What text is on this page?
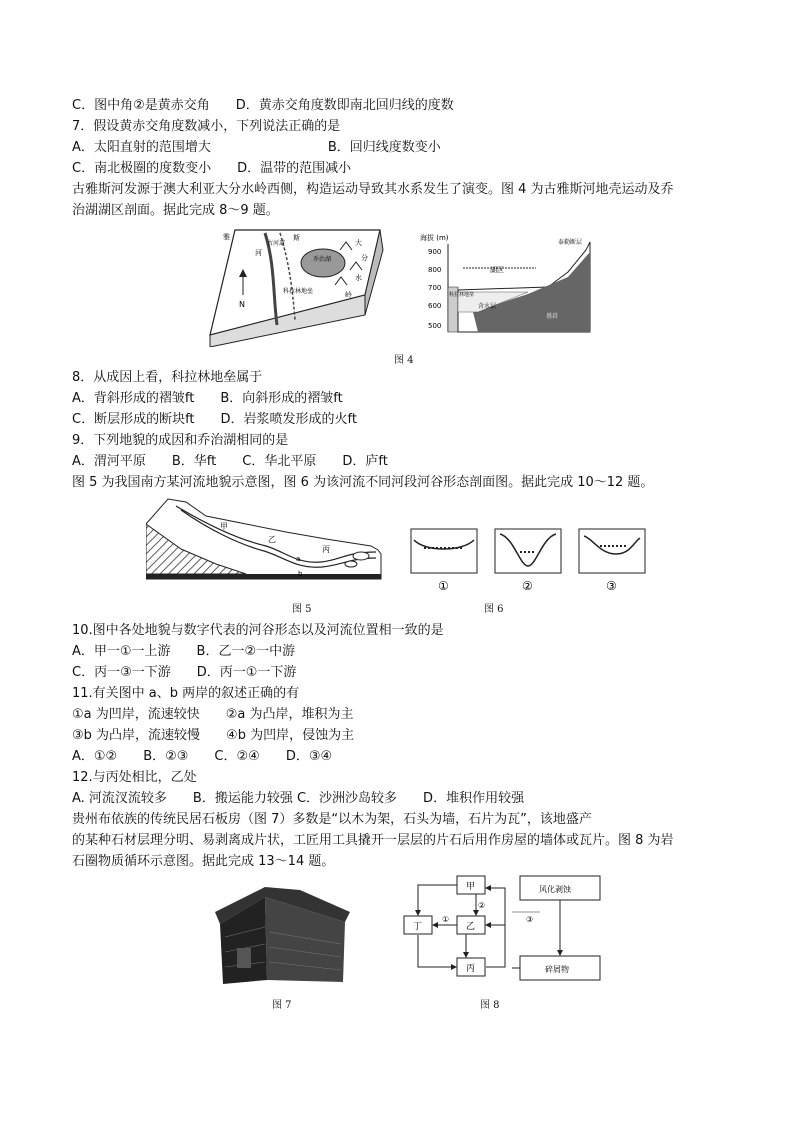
C．图中角②是黄赤交角　　D．黄赤交角度数即南北回归线的度数
7．假设黄赤交角度数减小，下列说法正确的是
A．太阳直射的范围增大　　　　　　　　　B．回归线度数变小
C．南北极圈的度数变小　　D．温带的范围减小
古雅斯河发源于澳大利亚大分水岭西侧，构造运动导致其水系发生了演变。图 4 为古雅斯河地壳运动及乔
治湖湖区剖面。据此完成 8～9 题。
雅
河
古河道
乔治湖
斯
大
分
水
岭
科拉林地垒
N
海拔 (m)
900
800
700
600
500
湖区
泰勒断层
科拉林地垒
含水层
基岩
图 4
8．从成因上看，科拉林地垒属于
A．背斜形成的褶皱ft　　B．向斜形成的褶皱ft
C．断层形成的断块ft　　D．岩浆喷发形成的火ft
9．下列地貌的成因和乔治湖相同的是
A．渭河平原　　B．华ft　　C．华北平原　　D．庐ft
图 5 为我国南方某河流地貌示意图，图 6 为该河流不同河段河谷形态剖面图。据此完成 10～12 题。
甲
乙
a
b
丙
图 5
①	②	③
图 6
10.图中各处地貌与数字代表的河谷形态以及河流位置相一致的是
A．甲一①一上游　　B．乙一②一中游
C．丙一③一下游　　D．丙一①一下游
11.有关图中 a、b 两岸的叙述正确的有
①a 为凹岸，流速较快　　②a 为凸岸，堆积为主
③b 为凸岸，流速较慢　　④b 为凹岸，侵蚀为主
A．①②　　B．②③　　C．②④　　D．③④
12.与丙处相比，乙处
A. 河流汊流较多　　B．搬运能力较强 C．沙洲沙岛较多　　D．堆积作用较强
贵州布依族的传统民居石板房（图 7）多数是“以木为架，石头为墙，石片为瓦”，该地盛产
的某种石材层理分明、易剥离成片状，工匠用工具撬开一层层的片石后用作房屋的墙体或瓦片。图 8 为岩
石圈物质循环示意图。据此完成 13～14 题。
图 7
甲
乙
丙
丁
风化剥蚀
碎屑物
①
②
③
图 8
